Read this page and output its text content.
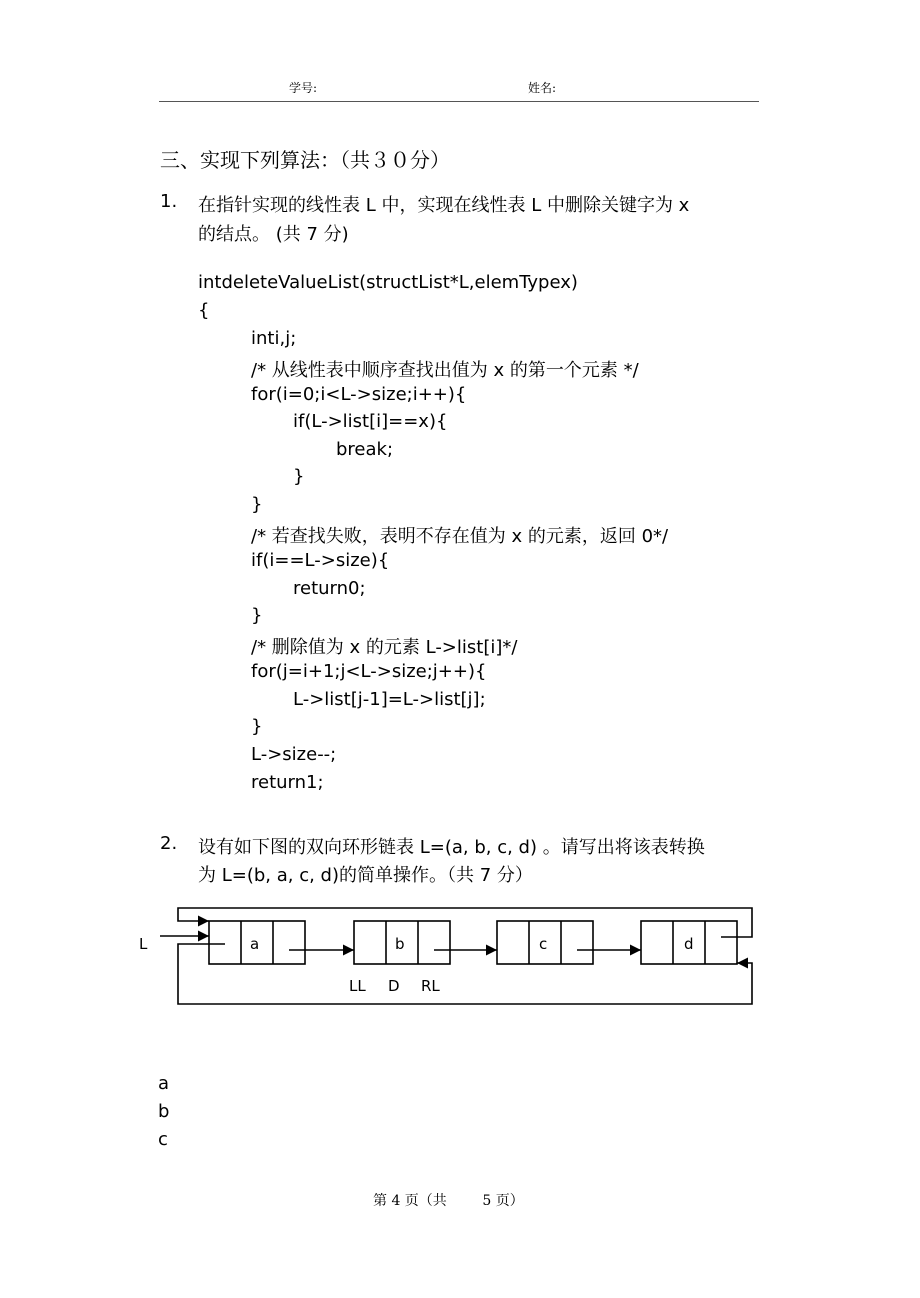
学号:	姓名:
三、实现下列算法：（共３０分）
1. 在指针实现的线性表 L 中，实现在线性表 L 中删除关键字为 x
的结点。 (共 7 分)
intdeleteValueList(structList*L,elemTypex)
{
inti,j;
/* 从线性表中顺序查找出值为 x 的第一个元素 */
for(i=0;i<L->size;i++){
if(L->list[i]==x){
break;
}
}
/* 若查找失败，表明不存在值为 x 的元素，返回 0*/
if(i==L->size){
return0;
}
/* 删除值为 x 的元素 L->list[i]*/
for(j=i+1;j<L->size;j++){
L->list[j-1]=L->list[j];
}
L->size--;
return1;
2. 设有如下图的双向环形链表 L=(a, b, c, d) 。请写出将该表转换
为 L=(b, a, c, d)的简单操作。（共 7 分）
L	a	b	c	d
LL D RL
a
b
c
第 4 页（共        5 页）
